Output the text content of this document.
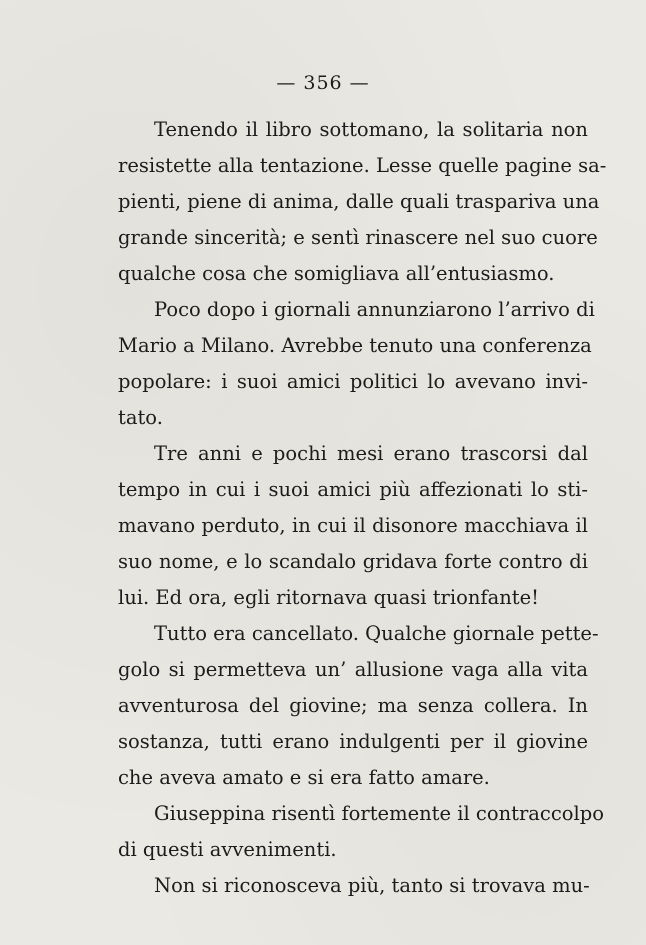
— 356 —
Tenendo il libro sottomano, la solitaria non
resistette alla tentazione. Lesse quelle pagine sa-
pienti, piene di anima, dalle quali traspariva una
grande sincerità; e sentì rinascere nel suo cuore
qualche cosa che somigliava all’entusiasmo.
Poco dopo i giornali annunziarono l’arrivo di
Mario a Milano. Avrebbe tenuto una conferenza
popolare: i suoi amici politici lo avevano invi-
tato.
Tre anni e pochi mesi erano trascorsi dal
tempo in cui i suoi amici più affezionati lo sti-
mavano perduto, in cui il disonore macchiava il
suo nome, e lo scandalo gridava forte contro di
lui. Ed ora, egli ritornava quasi trionfante!
Tutto era cancellato. Qualche giornale pette-
golo si permetteva un’ allusione vaga alla vita
avventurosa del giovine; ma senza collera. In
sostanza, tutti erano indulgenti per il giovine
che aveva amato e si era fatto amare.
Giuseppina risentì fortemente il contraccolpo
di questi avvenimenti.
Non si riconosceva più, tanto si trovava mu-
